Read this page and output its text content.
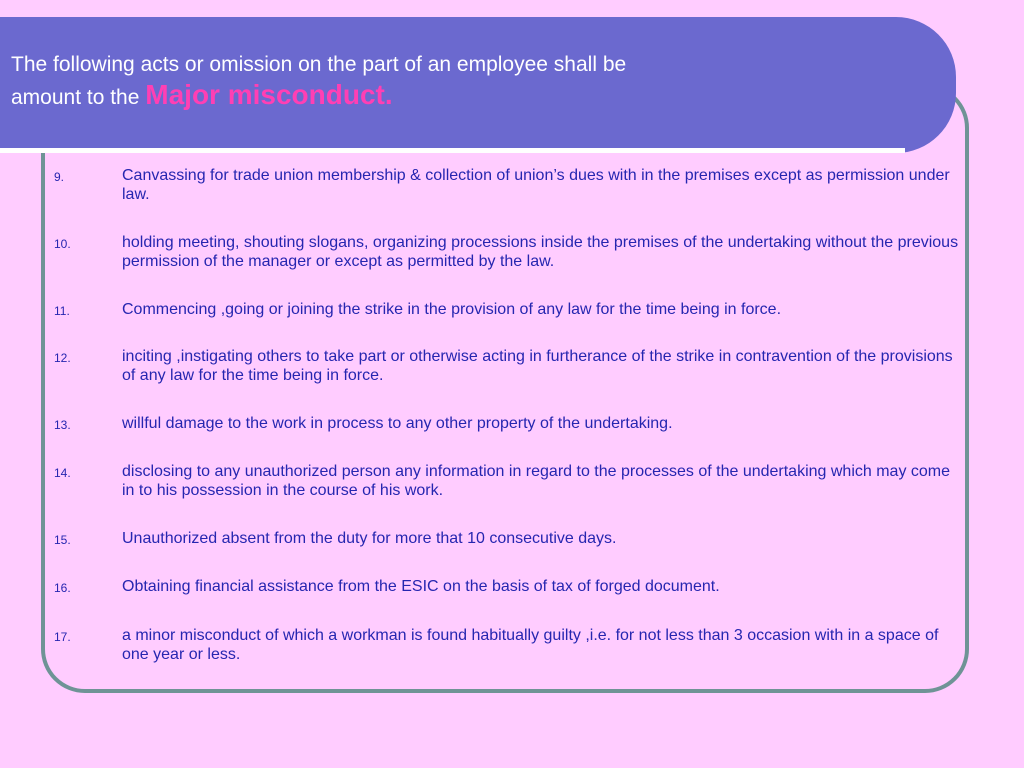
The following acts or omission on the part of an employee shall be
amount to the Major misconduct.
9.	Canvassing for trade union membership & collection of union’s dues with in the premises except as permission under law.
10.	holding meeting, shouting slogans, organizing processions inside the premises of the undertaking without the previous permission of the manager or except as permitted by the law.
11.	Commencing ,going or joining the strike in the provision of any law for the time being in force.
12.	inciting ,instigating others to take part or otherwise acting in furtherance of the strike in contravention of the provisions of any law for the time being in force.
13.	willful damage to the work in process to any other property of the undertaking.
14.	disclosing to any unauthorized person any information in regard to the processes of the undertaking which may come in to his possession in the course of his work.
15.	Unauthorized absent from the duty for more that 10 consecutive days.
16.	Obtaining financial assistance from the ESIC on the basis of tax of forged document.
17.	a minor misconduct of which a workman is found habitually guilty ,i.e. for not less than 3 occasion with in a space of one year or less.
